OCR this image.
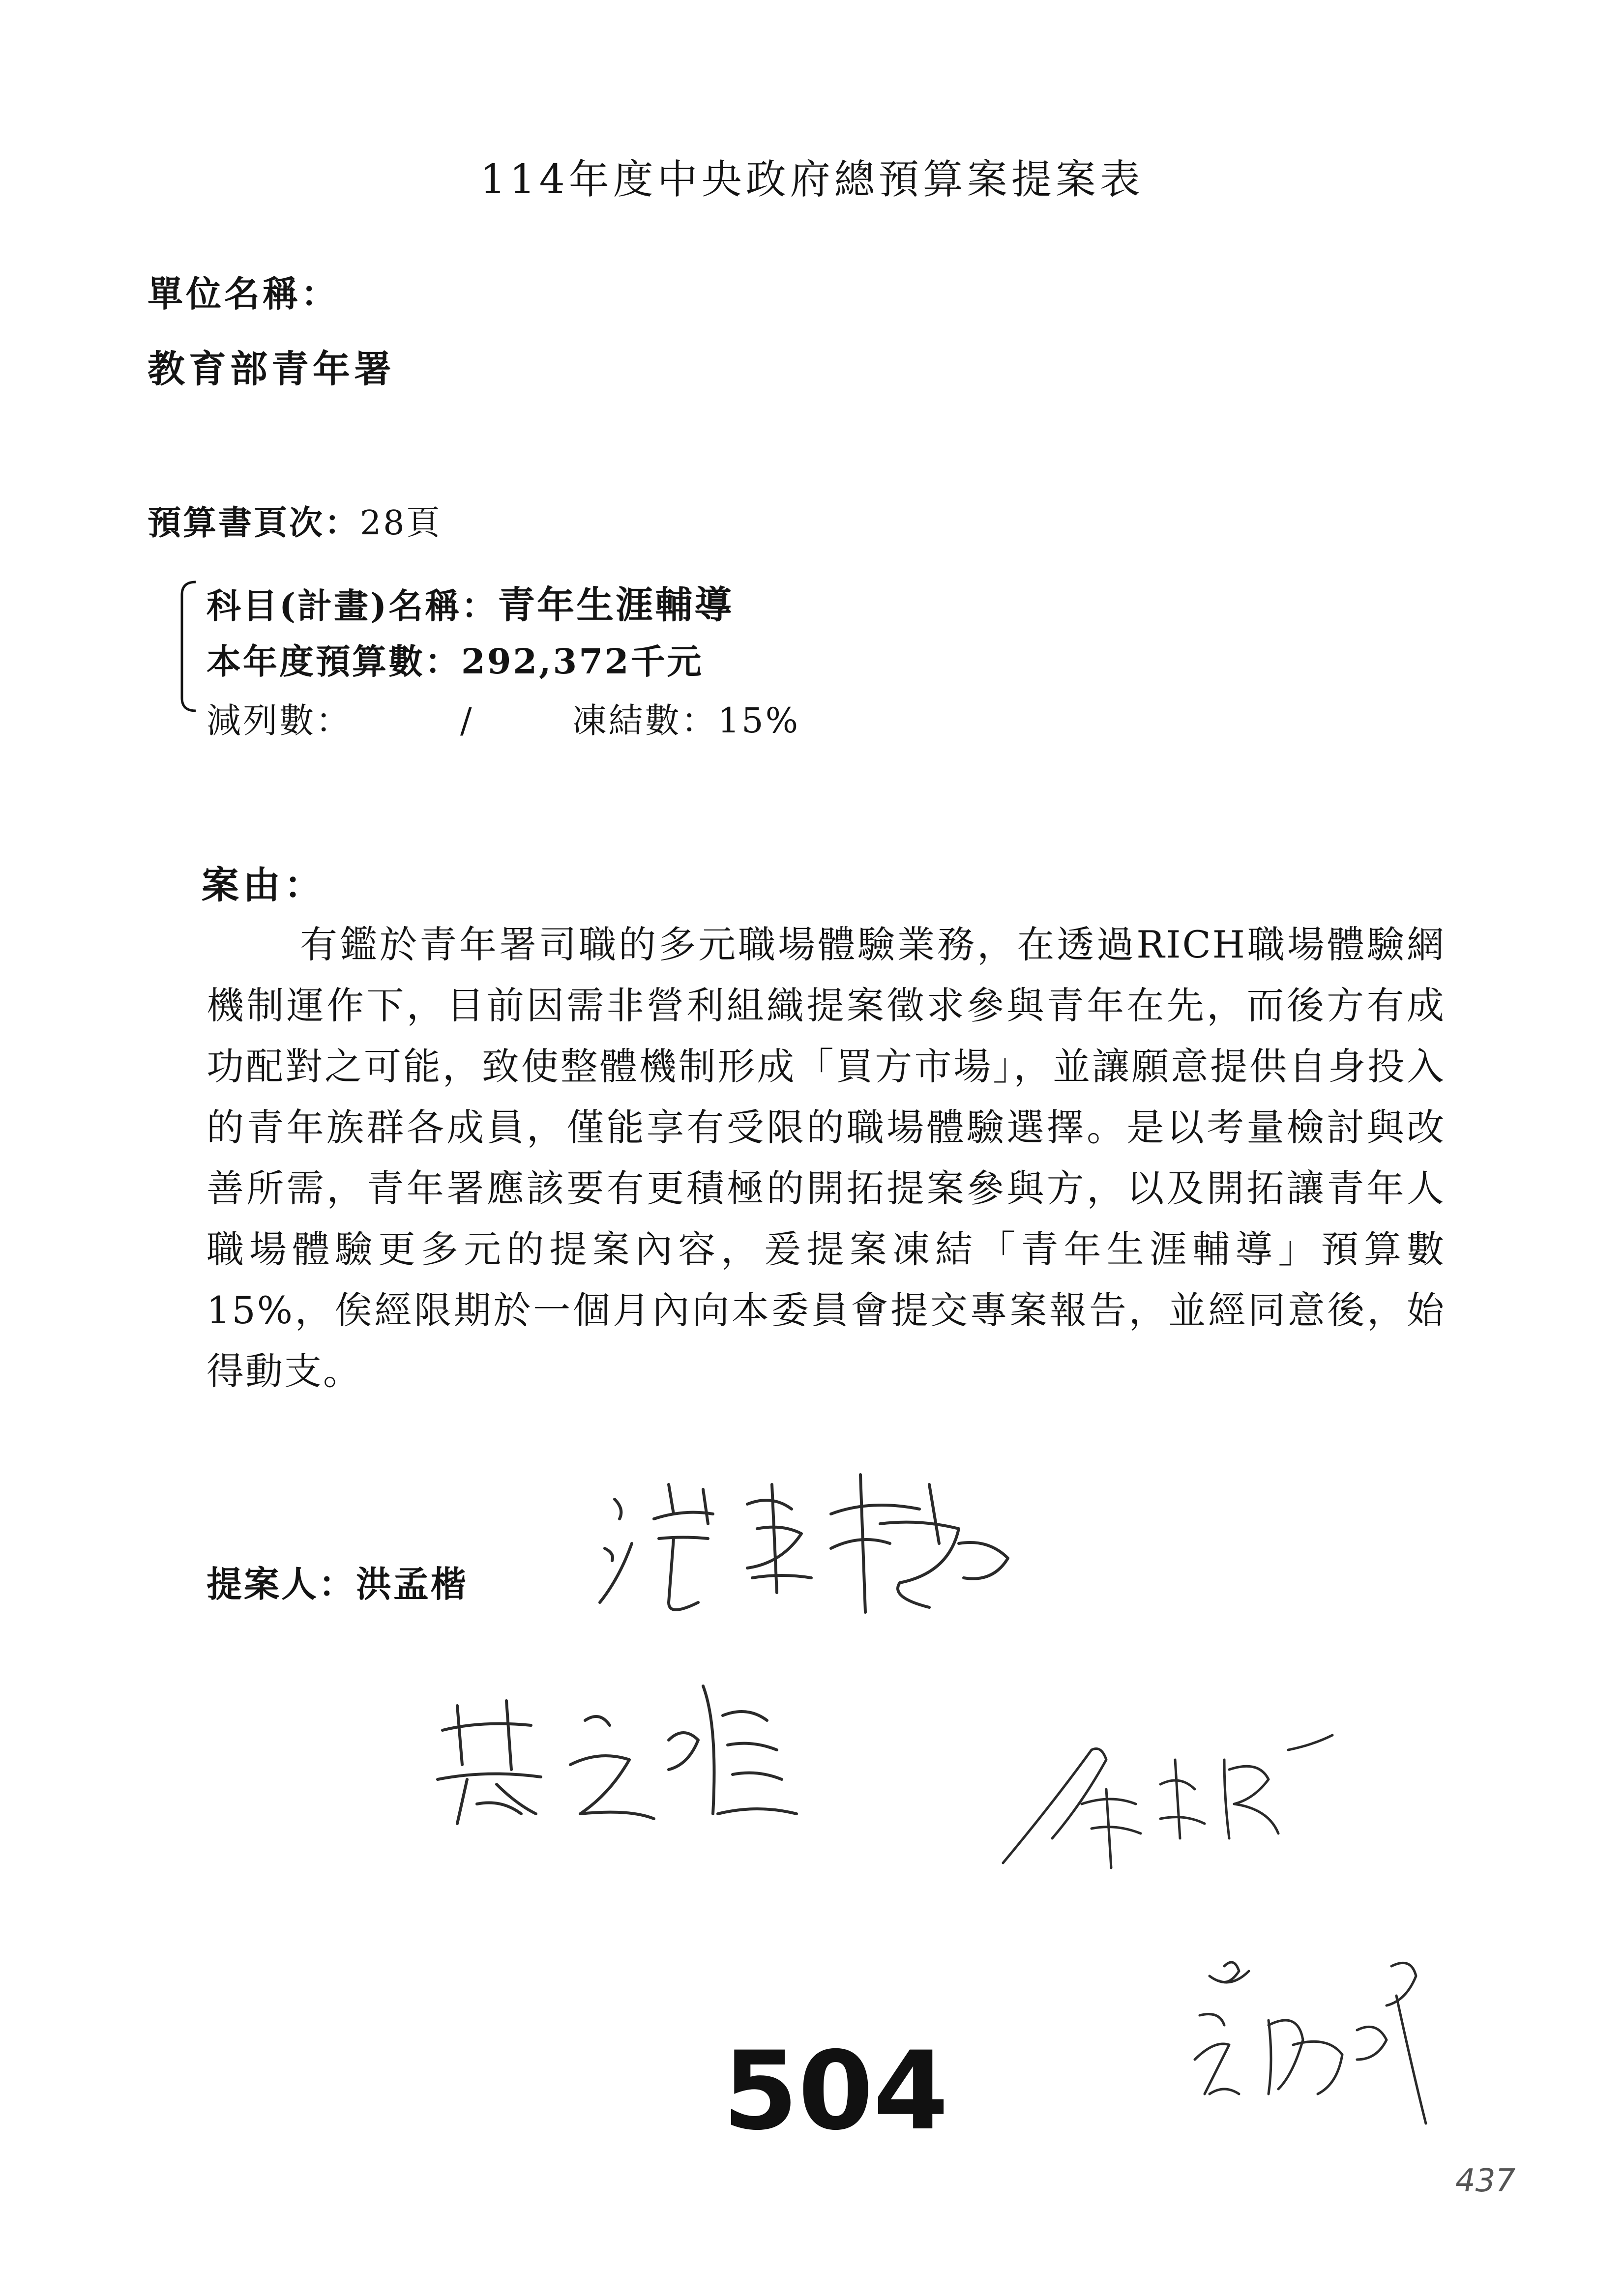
114年度中央政府總預算案提案表
單位名稱：
教育部青年署
預算書頁次：28頁
科目(計畫)名稱：青年生涯輔導
本年度預算數：292,372千元
減列數：	/	凍結數：15%
案由：
有鑑於青年署司職的多元職場體驗業務，在透過RICH職場體驗網機制運作下，目前因需非營利組織提案徵求參與青年在先，而後方有成功配對之可能，致使整體機制形成「買方市場」，並讓願意提供自身投入的青年族群各成員，僅能享有受限的職場體驗選擇。是以考量檢討與改善所需，青年署應該要有更積極的開拓提案參與方，以及開拓讓青年人職場體驗更多元的提案內容，爰提案凍結「青年生涯輔導」預算數15%，俟經限期於一個月內向本委員會提交專案報告，並經同意後，始得動支。
提案人：洪孟楷
504
437
